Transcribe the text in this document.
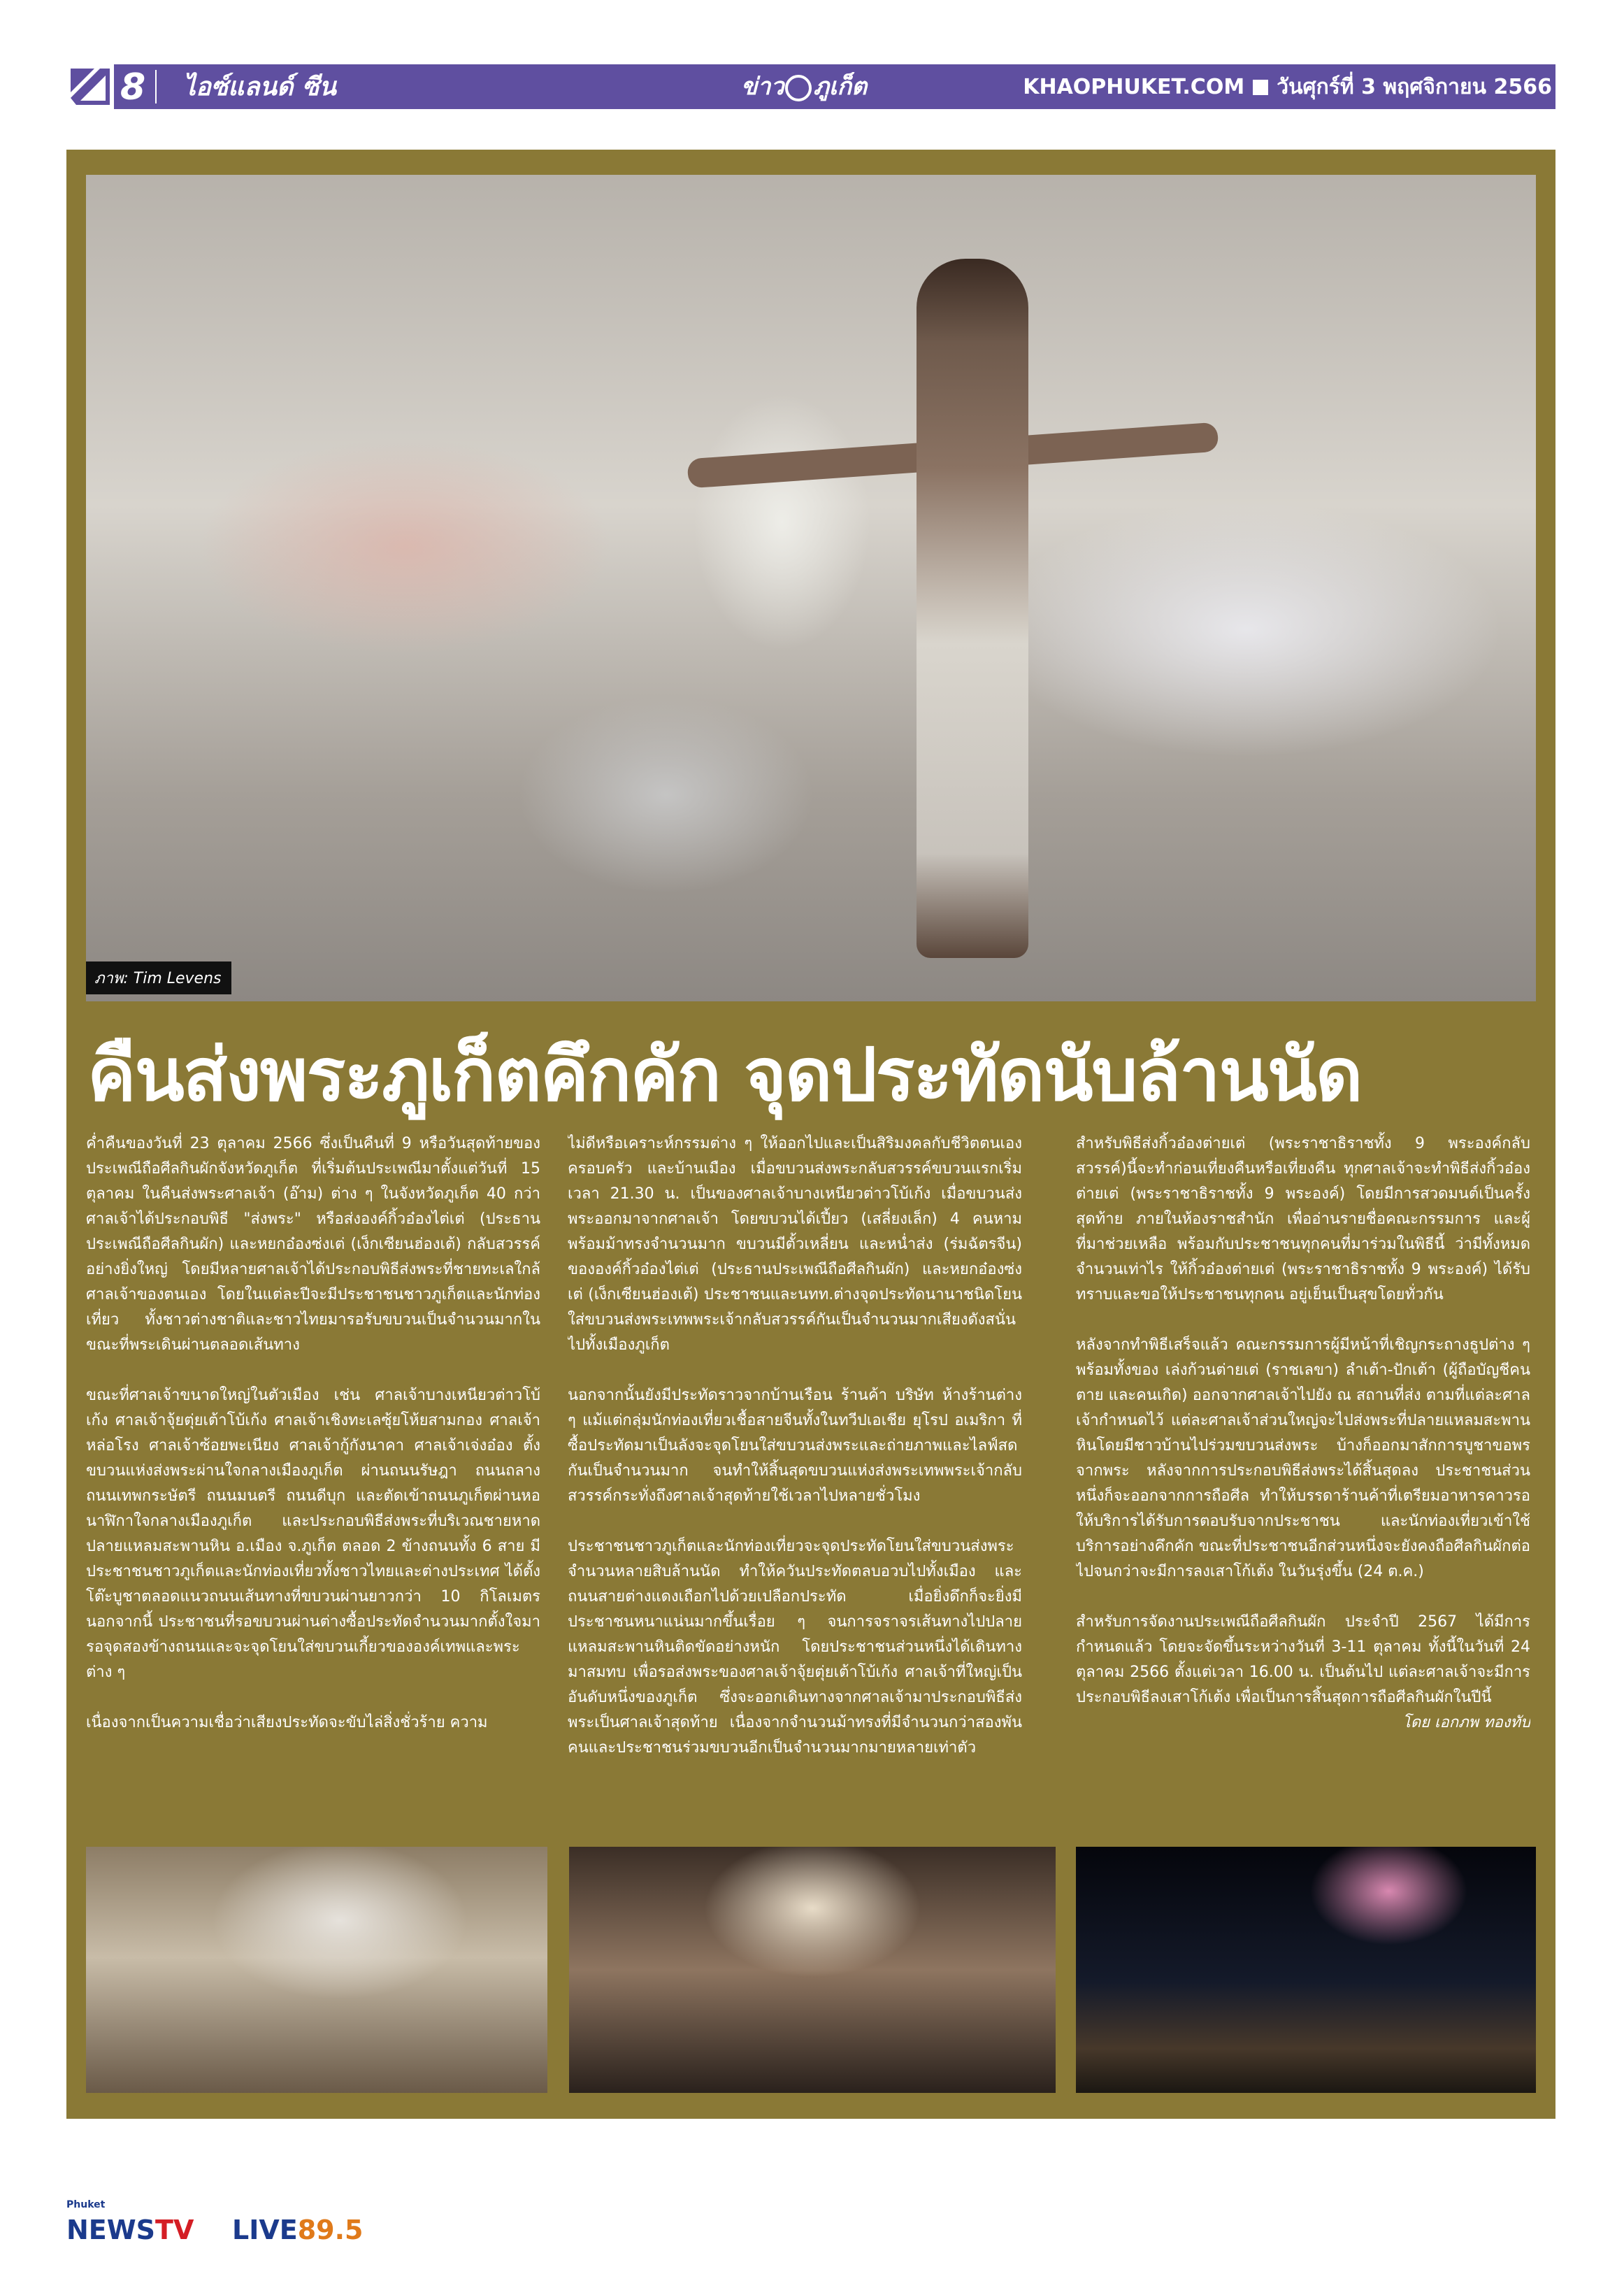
8 ไอซ์แลนด์ ซีน	ข่าว ภูเก็ต	KHAOPHUKET.COM วันศุกร์ที่ 3 พฤศจิกายน 2566
ภาพ: Tim Levens
คืนส่งพระภูเก็ตคึกคัก จุดประทัดนับล้านนัด

ค่ำคืนของวันที่ 23 ตุลาคม 2566 ซึ่งเป็นคืนที่ 9 หรือวันสุดท้ายของประเพณีถือศีลกินผักจังหวัดภูเก็ต ที่เริ่มต้นประเพณีมาตั้งแต่วันที่ 15 ตุลาคม ในคืนส่งพระศาลเจ้า (อ๊าม) ต่าง ๆ ในจังหวัดภูเก็ต 40 กว่าศาลเจ้าได้ประกอบพิธี "ส่งพระ" หรือส่งองค์กิ้วอ๋องไต่เต่ (ประธานประเพณีถือศีลกินผัก) และหยกอ๋องซ่งเต่ (เง็กเซียนฮ่องเต้) กลับสวรรค์อย่างยิ่งใหญ่ โดยมีหลายศาลเจ้าได้ประกอบพิธีส่งพระที่ชายทะเลใกล้ศาลเจ้าของตนเอง โดยในแต่ละปีจะมีประชาชนชาวภูเก็ตและนักท่องเที่ยว ทั้งชาวต่างชาติและชาวไทยมารอรับขบวนเป็นจำนวนมากในขณะที่พระเดินผ่านตลอดเส้นทาง

ขณะที่ศาลเจ้าขนาดใหญ่ในตัวเมือง เช่น ศาลเจ้าบางเหนียวต่าวโบ้เก้ง ศาลเจ้าจุ้ยตุ่ยเต้าโบ้เก้ง ศาลเจ้าเชิงทะเลซุ้ยโห้ยสามกอง ศาลเจ้าหล่อโรง ศาลเจ้าซ้อยพะเนียง ศาลเจ้ากู้กังนาคา ศาลเจ้าเจ่งอ๋อง ตั้งขบวนแห่งส่งพระผ่านใจกลางเมืองภูเก็ต ผ่านถนนรัษฎา ถนนถลาง ถนนเทพกระษัตรี ถนนมนตรี ถนนดีบุก และตัดเข้าถนนภูเก็ตผ่านหอนาฬิกาใจกลางเมืองภูเก็ต และประกอบพิธีส่งพระที่บริเวณชายหาดปลายแหลมสะพานหิน อ.เมือง จ.ภูเก็ต ตลอด 2 ข้างถนนทั้ง 6 สาย มีประชาชนชาวภูเก็ตและนักท่องเที่ยวทั้งชาวไทยและต่างประเทศ ได้ตั้งโต๊ะบูชาตลอดแนวถนนเส้นทางที่ขบวนผ่านยาวกว่า 10 กิโลเมตร นอกจากนี้ ประชาชนที่รอขบวนผ่านต่างซื้อประทัดจำนวนมากตั้งใจมารอจุดสองข้างถนนและจะจุดโยนใส่ขบวนเกี้ยวขององค์เทพและพระต่าง ๆ

เนื่องจากเป็นความเชื่อว่าเสียงประทัดจะขับไล่สิ่งชั่วร้าย ความ

ไม่ดีหรือเคราะห์กรรมต่าง ๆ ให้ออกไปและเป็นสิริมงคลกับชีวิตตนเอง ครอบครัว และบ้านเมือง เมื่อขบวนส่งพระกลับสวรรค์ขบวนแรกเริ่มเวลา 21.30 น. เป็นของศาลเจ้าบางเหนียวต่าวโบ้เก้ง เมื่อขบวนส่งพระออกมาจากศาลเจ้า โดยขบวนได้เปี้ยว (เสลี่ยงเล็ก) 4 คนหาม พร้อมม้าทรงจำนวนมาก ขบวนมีตั้วเหลี่ยน และหน่ำส่ง (ร่มฉัตรจีน) ขององค์กิ้วอ๋องไต่เต่ (ประธานประเพณีถือศีลกินผัก) และหยกอ๋องซ่งเต่ (เง็กเซียนฮ่องเต้) ประชาชนและนทท.ต่างจุดประทัดนานาชนิดโยนใส่ขบวนส่งพระเทพพระเจ้ากลับสวรรค์กันเป็นจำนวนมากเสียงดังสนั่นไปทั้งเมืองภูเก็ต

นอกจากนั้นยังมีประทัดราวจากบ้านเรือน ร้านค้า บริษัท ห้างร้านต่าง ๆ แม้แต่กลุ่มนักท่องเที่ยวเชื้อสายจีนทั้งในทวีปเอเชีย ยุโรป อเมริกา ที่ซื้อประทัดมาเป็นลังจะจุดโยนใส่ขบวนส่งพระและถ่ายภาพและไลฟ์สดกันเป็นจำนวนมาก จนทำให้สิ้นสุดขบวนแห่งส่งพระเทพพระเจ้ากลับสวรรค์กระทั่งถึงศาลเจ้าสุดท้ายใช้เวลาไปหลายชั่วโมง

ประชาชนชาวภูเก็ตและนักท่องเที่ยวจะจุดประทัดโยนใส่ขบวนส่งพระจำนวนหลายสิบล้านนัด ทำให้ควันประทัดตลบอวบไปทั้งเมือง และถนนสายต่างแดงเถือกไปด้วยเปลือกประทัด เมื่อยิ่งดึกก็จะยิ่งมีประชาชนหนาแน่นมากขึ้นเรื่อย ๆ จนการจราจรเส้นทางไปปลายแหลมสะพานหินติดขัดอย่างหนัก โดยประชาชนส่วนหนึ่งได้เดินทางมาสมทบ เพื่อรอส่งพระของศาลเจ้าจุ้ยตุ่ยเต้าโบ้เก้ง ศาลเจ้าที่ใหญ่เป็นอันดับหนึ่งของภูเก็ต ซึ่งจะออกเดินทางจากศาลเจ้ามาประกอบพิธีส่งพระเป็นศาลเจ้าสุดท้าย เนื่องจากจำนวนม้าทรงที่มีจำนวนกว่าสองพันคนและประชาชนร่วมขบวนอีกเป็นจำนวนมากมายหลายเท่าตัว

สำหรับพิธีส่งกิ้วอ๋องต่ายเต่ (พระราชาธิราชทั้ง 9 พระองค์กลับสวรรค์)นี้จะทำก่อนเที่ยงคืนหรือเที่ยงคืน ทุกศาลเจ้าจะทำพิธีส่งกิ้วอ๋องต่ายเต่ (พระราชาธิราชทั้ง 9 พระองค์) โดยมีการสวดมนต์เป็นครั้งสุดท้าย ภายในห้องราชสำนัก เพื่ออ่านรายชื่อคณะกรรมการ และผู้ที่มาช่วยเหลือ พร้อมกับประชาชนทุกคนที่มาร่วมในพิธีนี้ ว่ามีทั้งหมดจำนวนเท่าไร ให้กิ้วอ๋องต่ายเต่ (พระราชาธิราชทั้ง 9 พระองค์) ได้รับทราบและขอให้ประชาชนทุกคน อยู่เย็นเป็นสุขโดยทั่วกัน

หลังจากทำพิธีเสร็จแล้ว คณะกรรมการผู้มีหน้าที่เชิญกระถางธูปต่าง ๆ พร้อมทั้งของ เล่งก้วนต่ายเต่ (ราชเลขา) ลำเต้า-ปักเต้า (ผู้ถือบัญชีคนตาย และคนเกิด) ออกจากศาลเจ้าไปยัง ณ สถานที่ส่ง ตามที่แต่ละศาลเจ้ากำหนดไว้ แต่ละศาลเจ้าส่วนใหญ่จะไปส่งพระที่ปลายแหลมสะพานหินโดยมีชาวบ้านไปร่วมขบวนส่งพระ บ้างก็ออกมาสักการบูชาขอพรจากพระ หลังจากการประกอบพิธีส่งพระได้สิ้นสุดลง ประชาชนส่วนหนึ่งก็จะออกจากการถือศีล ทำให้บรรดาร้านค้าที่เตรียมอาหารคาวรอให้บริการได้รับการตอบรับจากประชาชน และนักท่องเที่ยวเข้าใช้บริการอย่างคึกคัก ขณะที่ประชาชนอีกส่วนหนึ่งจะยังคงถือศีลกินผักต่อไปจนกว่าจะมีการลงเสาโก้เต้ง ในวันรุ่งขึ้น (24 ต.ค.)

สำหรับการจัดงานประเพณีถือศีลกินผัก ประจำปี 2567 ได้มีการกำหนดแล้ว โดยจะจัดขึ้นระหว่างวันที่ 3-11 ตุลาคม ทั้งนี้ในวันที่ 24 ตุลาคม 2566 ตั้งแต่เวลา 16.00 น. เป็นต้นไป แต่ละศาลเจ้าจะมีการประกอบพิธีลงเสาโก้เต้ง เพื่อเป็นการสิ้นสุดการถือศีลกินผักในปีนี้

โดย เอกภพ ทองทับ
Phuket
NEWSTV LIVE89.5
